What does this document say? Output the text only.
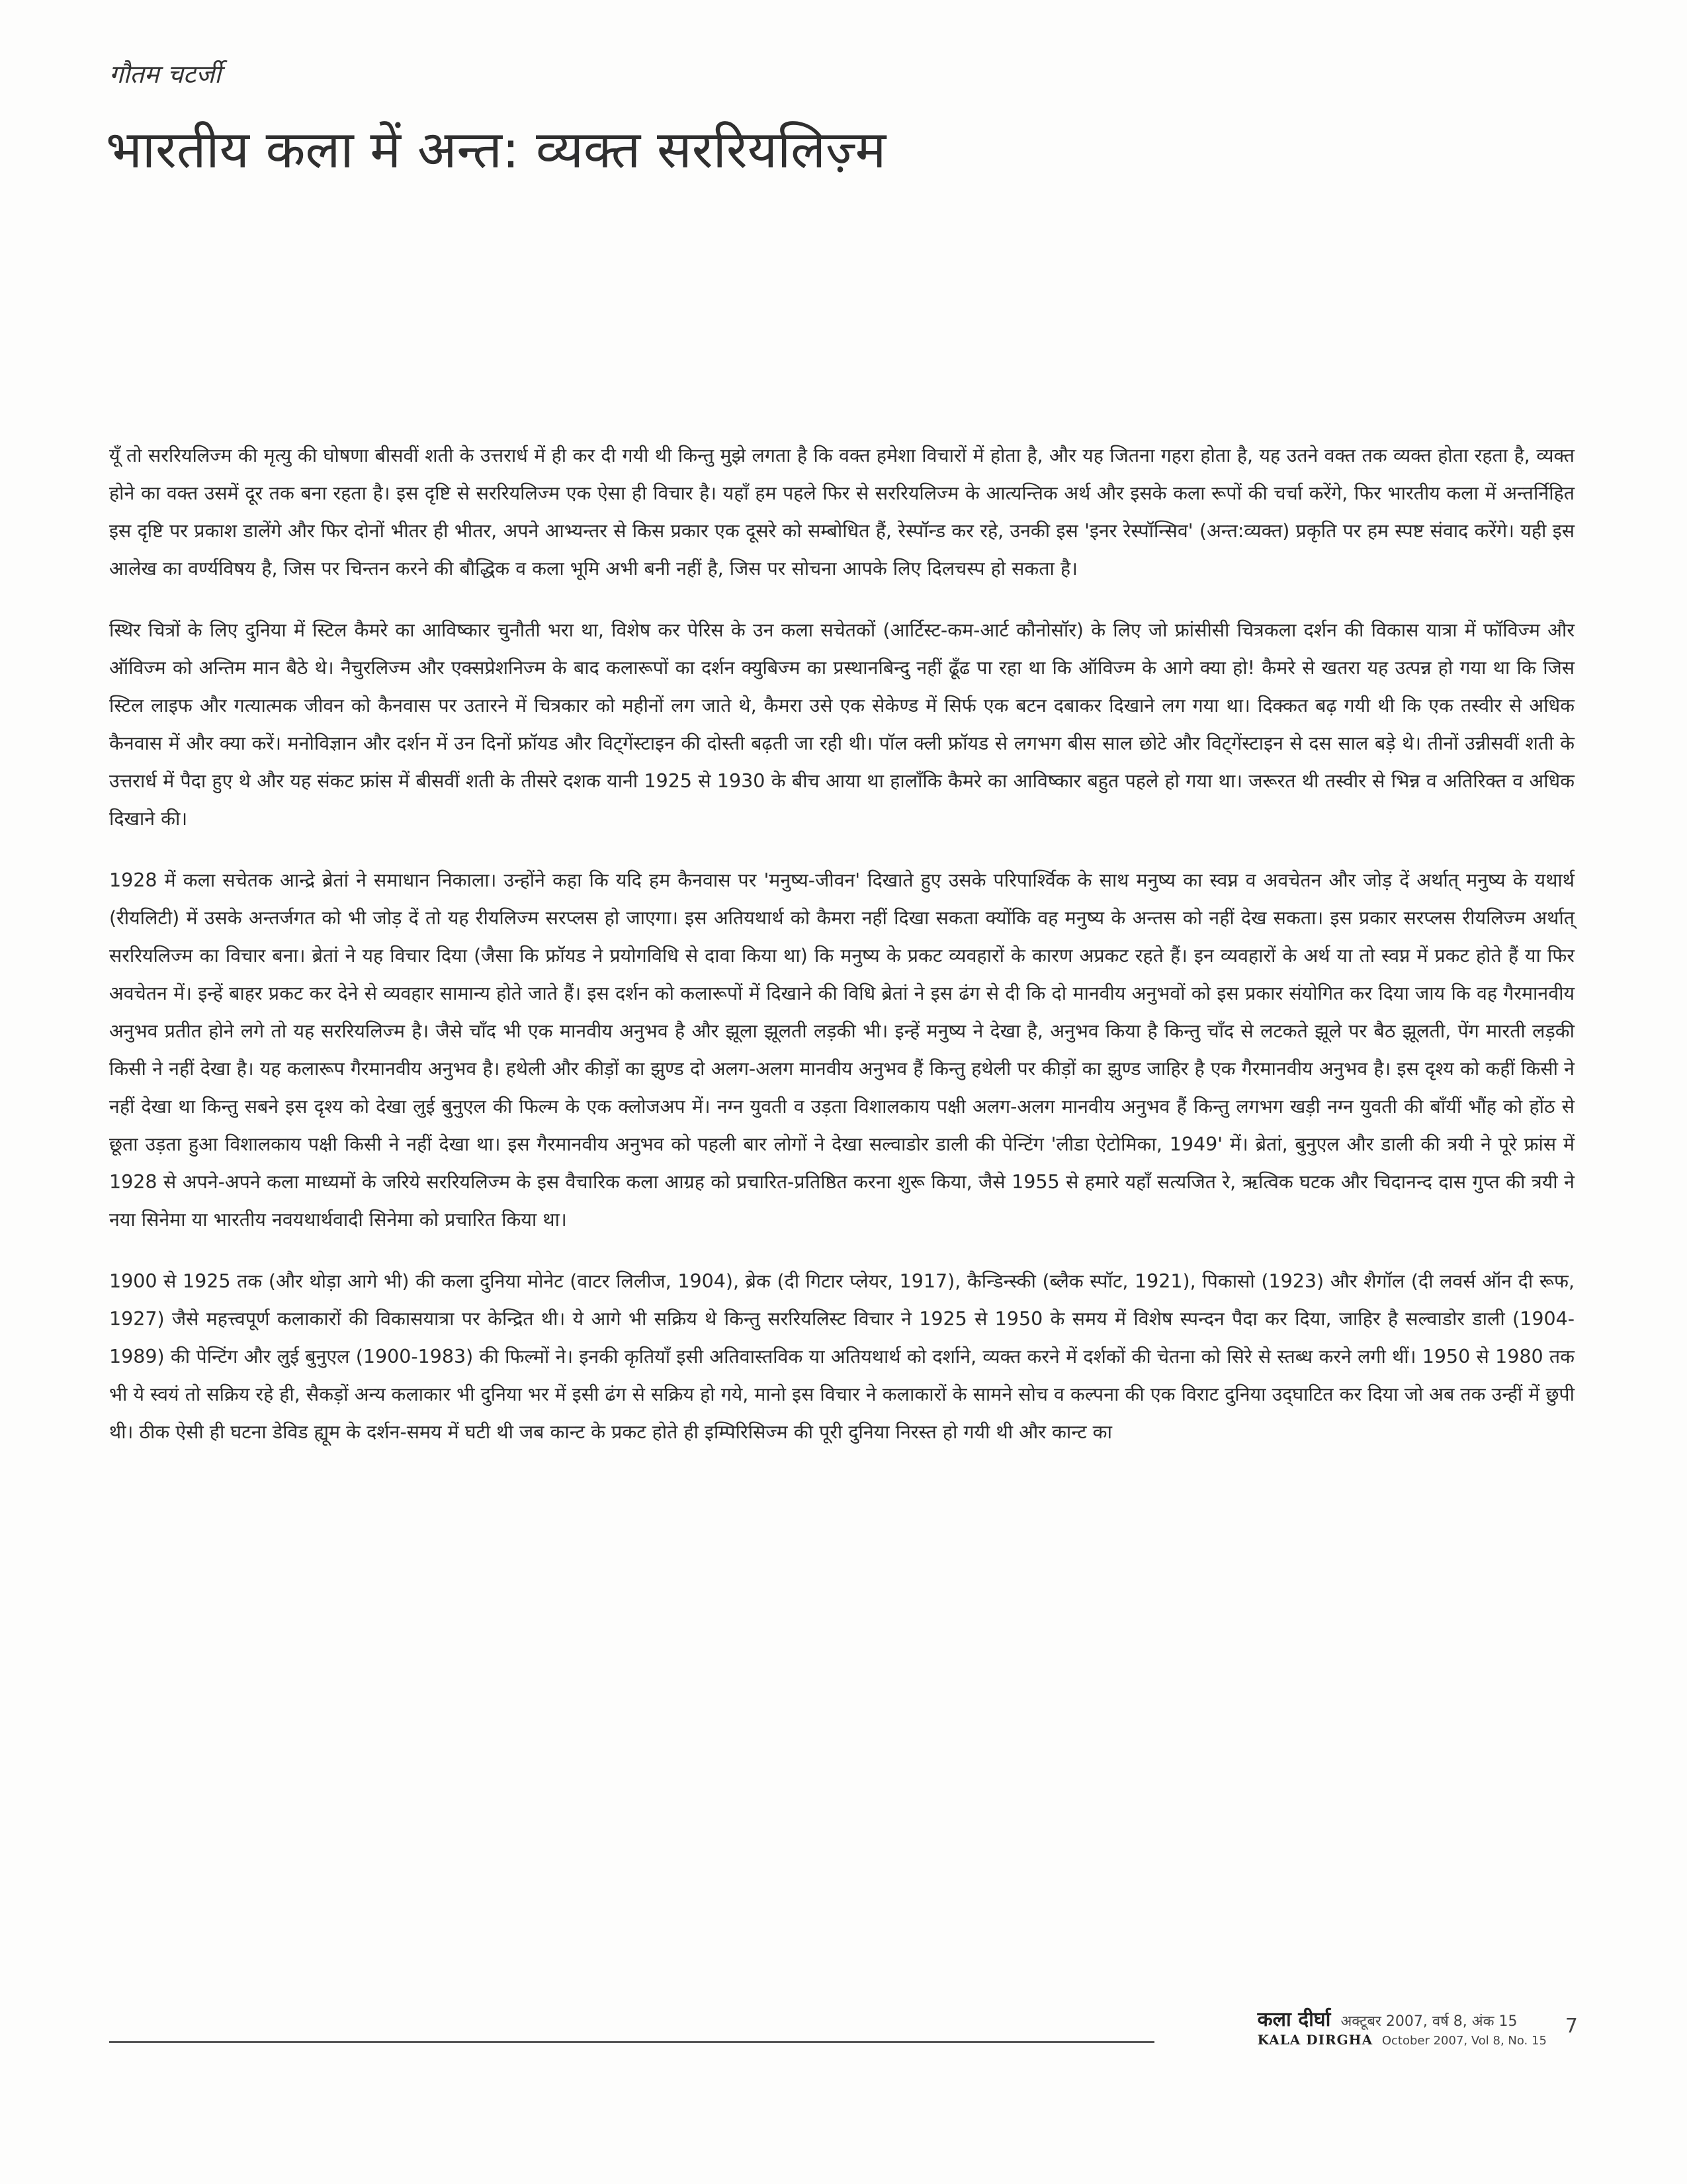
गौतम चटर्जी
भारतीय कला में अन्त: व्यक्त सररियलिज़्म

यूँ तो सररियलिज्म की मृत्यु की घोषणा बीसवीं शती के उत्तरार्ध में ही कर दी गयी थी किन्तु मुझे लगता है कि वक्त हमेशा विचारों में होता है, और यह जितना गहरा होता है, यह उतने वक्त तक व्यक्त होता रहता है, व्यक्त होने का वक्त उसमें दूर तक बना रहता है। इस दृष्टि से सररियलिज्म एक ऐसा ही विचार है। यहाँ हम पहले फिर से सररियलिज्म के आत्यन्तिक अर्थ और इसके कला रूपों की चर्चा करेंगे, फिर भारतीय कला में अन्तर्निहित इस दृष्टि पर प्रकाश डालेंगे और फिर दोनों भीतर ही भीतर, अपने आभ्यन्तर से किस प्रकार एक दूसरे को सम्बोधित हैं, रेस्पॉन्ड कर रहे, उनकी इस 'इनर रेस्पॉन्सिव' (अन्त:व्यक्त) प्रकृति पर हम स्पष्ट संवाद करेंगे। यही इस आलेख का वर्ण्यविषय है, जिस पर चिन्तन करने की बौद्धिक व कला भूमि अभी बनी नहीं है, जिस पर सोचना आपके लिए दिलचस्प हो सकता है।

स्थिर चित्रों के लिए दुनिया में स्टिल कैमरे का आविष्कार चुनौती भरा था, विशेष कर पेरिस के उन कला सचेतकों (आर्टिस्ट-कम-आर्ट कौनोसॉर) के लिए जो फ्रांसीसी चित्रकला दर्शन की विकास यात्रा में फॉविज्म और ऑविज्म को अन्तिम मान बैठे थे। नैचुरलिज्म और एक्सप्रेशनिज्म के बाद कलारूपों का दर्शन क्युबिज्म का प्रस्थानबिन्दु नहीं ढूँढ पा रहा था कि ऑविज्म के आगे क्या हो! कैमरे से खतरा यह उत्पन्न हो गया था कि जिस स्टिल लाइफ और गत्यात्मक जीवन को कैनवास पर उतारने में चित्रकार को महीनों लग जाते थे, कैमरा उसे एक सेकेण्ड में सिर्फ एक बटन दबाकर दिखाने लग गया था। दिक्कत बढ़ गयी थी कि एक तस्वीर से अधिक कैनवास में और क्या करें। मनोविज्ञान और दर्शन में उन दिनों फ्रॉयड और विट्गेंस्टाइन की दोस्ती बढ़ती जा रही थी। पॉल क्ली फ्रॉयड से लगभग बीस साल छोटे और विट्गेंस्टाइन से दस साल बड़े थे। तीनों उन्नीसवीं शती के उत्तरार्ध में पैदा हुए थे और यह संकट फ्रांस में बीसवीं शती के तीसरे दशक यानी 1925 से 1930 के बीच आया था हालाँकि कैमरे का आविष्कार बहुत पहले हो गया था। जरूरत थी तस्वीर से भिन्न व अतिरिक्त व अधिक दिखाने की।

1928 में कला सचेतक आन्द्रे ब्रेतां ने समाधान निकाला। उन्होंने कहा कि यदि हम कैनवास पर 'मनुष्य-जीवन' दिखाते हुए उसके परिपार्श्विक के साथ मनुष्य का स्वप्न व अवचेतन और जोड़ दें अर्थात् मनुष्य के यथार्थ (रीयलिटी) में उसके अन्तर्जगत को भी जोड़ दें तो यह रीयलिज्म सरप्लस हो जाएगा। इस अतियथार्थ को कैमरा नहीं दिखा सकता क्योंकि वह मनुष्य के अन्तस को नहीं देख सकता। इस प्रकार सरप्लस रीयलिज्म अर्थात् सररियलिज्म का विचार बना। ब्रेतां ने यह विचार दिया (जैसा कि फ्रॉयड ने प्रयोगविधि से दावा किया था) कि मनुष्य के प्रकट व्यवहारों के कारण अप्रकट रहते हैं। इन व्यवहारों के अर्थ या तो स्वप्न में प्रकट होते हैं या फिर अवचेतन में। इन्हें बाहर प्रकट कर देने से व्यवहार सामान्य होते जाते हैं। इस दर्शन को कलारूपों में दिखाने की विधि ब्रेतां ने इस ढंग से दी कि दो मानवीय अनुभवों को इस प्रकार संयोगित कर दिया जाय कि वह गैरमानवीय अनुभव प्रतीत होने लगे तो यह सररियलिज्म है। जैसे चाँद भी एक मानवीय अनुभव है और झूला झूलती लड़की भी। इन्हें मनुष्य ने देखा है, अनुभव किया है किन्तु चाँद से लटकते झूले पर बैठ झूलती, पेंग मारती लड़की किसी ने नहीं देखा है। यह कलारूप गैरमानवीय अनुभव है। हथेली और कीड़ों का झुण्ड दो अलग-अलग मानवीय अनुभव हैं किन्तु हथेली पर कीड़ों का झुण्ड जाहिर है एक गैरमानवीय अनुभव है। इस दृश्य को कहीं किसी ने नहीं देखा था किन्तु सबने इस दृश्य को देखा लुई बुनुएल की फिल्म के एक क्लोजअप में। नग्न युवती व उड़ता विशालकाय पक्षी अलग-अलग मानवीय अनुभव हैं किन्तु लगभग खड़ी नग्न युवती की बाँयीं भौंह को होंठ से छूता उड़ता हुआ विशालकाय पक्षी किसी ने नहीं देखा था। इस गैरमानवीय अनुभव को पहली बार लोगों ने देखा सल्वाडोर डाली की पेन्टिंग 'लीडा ऐटोमिका, 1949' में। ब्रेतां, बुनुएल और डाली की त्रयी ने पूरे फ्रांस में 1928 से अपने-अपने कला माध्यमों के जरिये सररियलिज्म के इस वैचारिक कला आग्रह को प्रचारित-प्रतिष्ठित करना शुरू किया, जैसे 1955 से हमारे यहाँ सत्यजित रे, ऋत्विक घटक और चिदानन्द दास गुप्त की त्रयी ने नया सिनेमा या भारतीय नवयथार्थवादी सिनेमा को प्रचारित किया था।

1900 से 1925 तक (और थोड़ा आगे भी) की कला दुनिया मोनेट (वाटर लिलीज, 1904), ब्रेक (दी गिटार प्लेयर, 1917), कैन्डिन्स्की (ब्लैक स्पॉट, 1921), पिकासो (1923) और शैगॉल (दी लवर्स ऑन दी रूफ, 1927) जैसे महत्त्वपूर्ण कलाकारों की विकासयात्रा पर केन्द्रित थी। ये आगे भी सक्रिय थे किन्तु सररियलिस्ट विचार ने 1925 से 1950 के समय में विशेष स्पन्दन पैदा कर दिया, जाहिर है सल्वाडोर डाली (1904-1989) की पेन्टिंग और लुई बुनुएल (1900-1983) की फिल्मों ने। इनकी कृतियाँ इसी अतिवास्तविक या अतियथार्थ को दर्शाने, व्यक्त करने में दर्शकों की चेतना को सिरे से स्तब्ध करने लगी थीं। 1950 से 1980 तक भी ये स्वयं तो सक्रिय रहे ही, सैकड़ों अन्य कलाकार भी दुनिया भर में इसी ढंग से सक्रिय हो गये, मानो इस विचार ने कलाकारों के सामने सोच व कल्पना की एक विराट दुनिया उद्‌घाटित कर दिया जो अब तक उन्हीं में छुपी थी। ठीक ऐसी ही घटना डेविड ह्यूम के दर्शन-समय में घटी थी जब कान्ट के प्रकट होते ही इम्पिरिसिज्म की पूरी दुनिया निरस्त हो गयी थी और कान्ट का

कला दीर्घा अक्टूबर 2007, वर्ष 8, अंक 15
KALA DIRGHA October 2007, Vol 8, No. 15
7
